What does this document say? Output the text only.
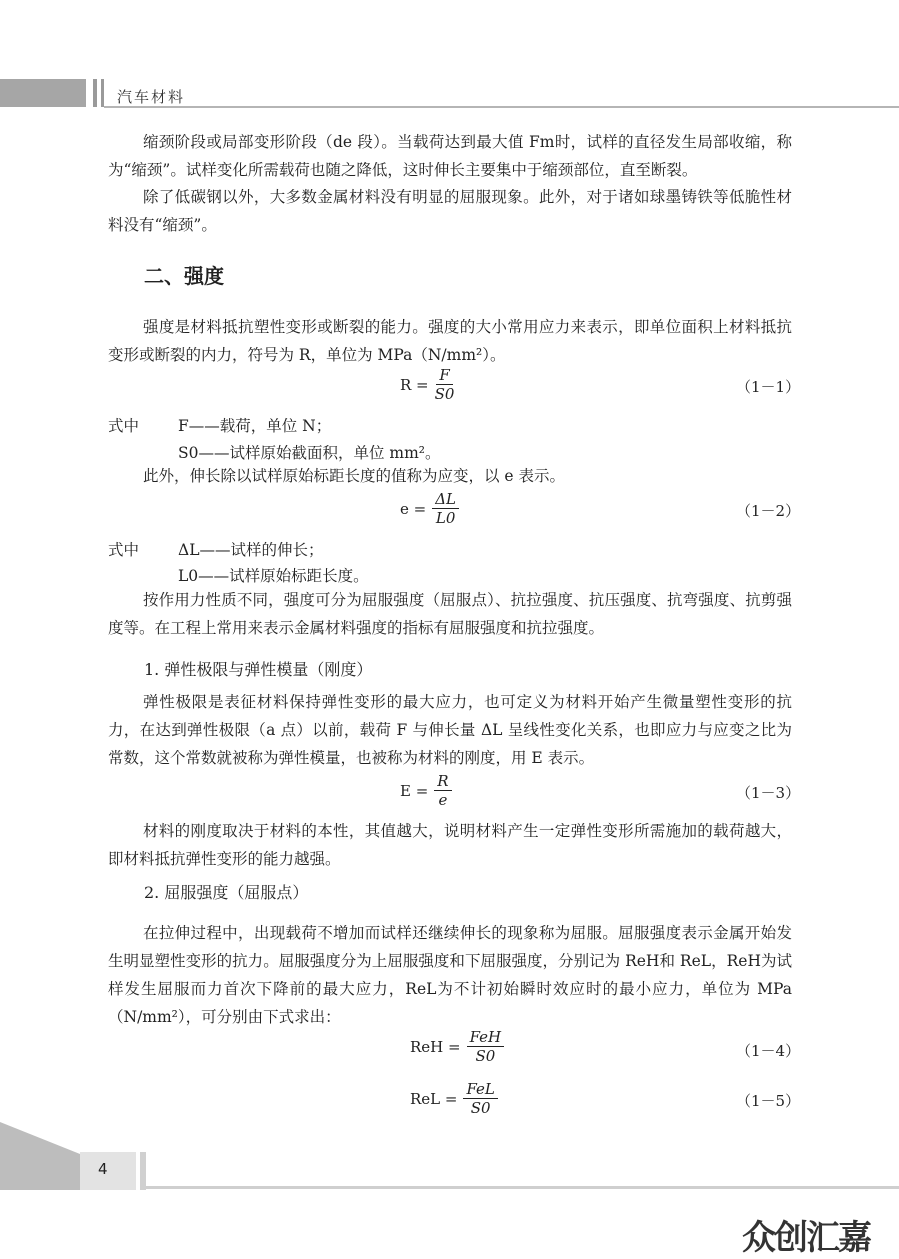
汽车材料
缩颈阶段或局部变形阶段（de 段）。当载荷达到最大值 Fm时，试样的直径发生局部收缩，称为“缩颈”。试样变化所需载荷也随之降低，这时伸长主要集中于缩颈部位，直至断裂。
除了低碳钢以外，大多数金属材料没有明显的屈服现象。此外，对于诸如球墨铸铁等低脆性材料没有“缩颈”。
二、强度
强度是材料抵抗塑性变形或断裂的能力。强度的大小常用应力来表示，即单位面积上材料抵抗变形或断裂的内力，符号为 R，单位为 MPa（N/mm²）。
$R = \frac{F}{S0}$	（1－1）
式中	F——载荷，单位 N；
S0——试样原始截面积，单位 mm²。
此外，伸长除以试样原始标距长度的值称为应变，以 e 表示。
$e = \frac{\Delta L}{L0}$	（1－2）
式中	ΔL——试样的伸长；
L0——试样原始标距长度。
按作用力性质不同，强度可分为屈服强度（屈服点）、抗拉强度、抗压强度、抗弯强度、抗剪强度等。在工程上常用来表示金属材料强度的指标有屈服强度和抗拉强度。
1. 弹性极限与弹性模量（刚度）
弹性极限是表征材料保持弹性变形的最大应力，也可定义为材料开始产生微量塑性变形的抗力，在达到弹性极限（a 点）以前，载荷 F 与伸长量 ΔL 呈线性变化关系，也即应力与应变之比为常数，这个常数就被称为弹性模量，也被称为材料的刚度，用 E 表示。
$E = \frac{R}{e}$	（1－3）
材料的刚度取决于材料的本性，其值越大，说明材料产生一定弹性变形所需施加的载荷越大，即材料抵抗弹性变形的能力越强。
2. 屈服强度（屈服点）
在拉伸过程中，出现载荷不增加而试样还继续伸长的现象称为屈服。屈服强度表示金属开始发生明显塑性变形的抗力。屈服强度分为上屈服强度和下屈服强度，分别记为 ReH和 ReL，ReH为试样发生屈服而力首次下降前的最大应力，ReL为不计初始瞬时效应时的最小应力，单位为 MPa（N/mm²），可分别由下式求出：
ReH = $\frac{\text{FeH}}{S0}$	（1－4）
ReL = $\frac{\text{FeL}}{S0}$	（1－5）
4
众创汇嘉
